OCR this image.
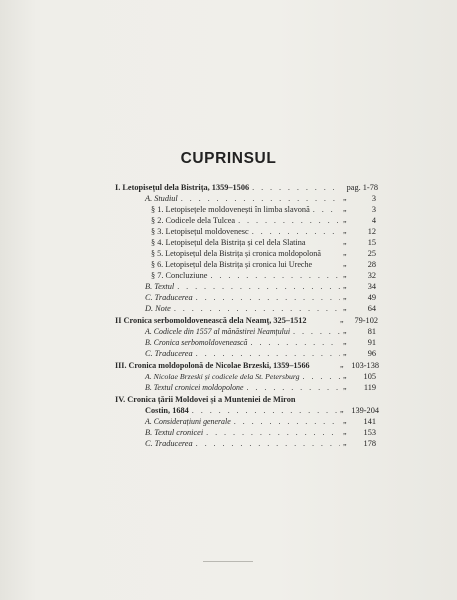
CUPRINSUL
I. Letopisețul dela Bistrița, 1359–1506 . . .	pag. 1-78
A. Studiul . . .	„	3
§ 1. Letopisețele moldovenești în limba slavonă . . .	„	3
§ 2. Codicele dela Tulcea . . .	„	4
§ 3. Letopisețul moldovenesc . . .	„	12
§ 4. Letopisețul dela Bistrița și cel dela Slatina	„	15
§ 5. Letopisețul dela Bistrița și cronica moldopolonă	„	25
§ 6. Letopisețul dela Bistrița și cronica lui Ureche	„	28
§ 7. Concluziune . . .	„	32
B. Textul . . .	„	34
C. Traducerea . . .	„	49
D. Note . . .	„	64
II Cronica serbomoldovenească dela Neamț, 325–1512	„	79-102
A. Codicele din 1557 al mănăstirei Neamțului . . .	„	81
B. Cronica serbomoldovenească . . .	„	91
C. Traducerea . . .	„	96
III. Cronica moldopolonă de Nicolae Brzeski, 1359–1566	„ 103-138
A. Nicolae Brzeski și codicele dela St. Petersburg . . .	„	105
B. Textul cronicei moldopolone . . .	„	119
IV. Cronica țării Moldovei și a Munteniei de Miron
Costin, 1684 . . .	„ 139-204
A. Considerațiuni generale . . .	„	141
B. Textul cronicei . . .	„	153
C. Traducerea . . .	„	178
